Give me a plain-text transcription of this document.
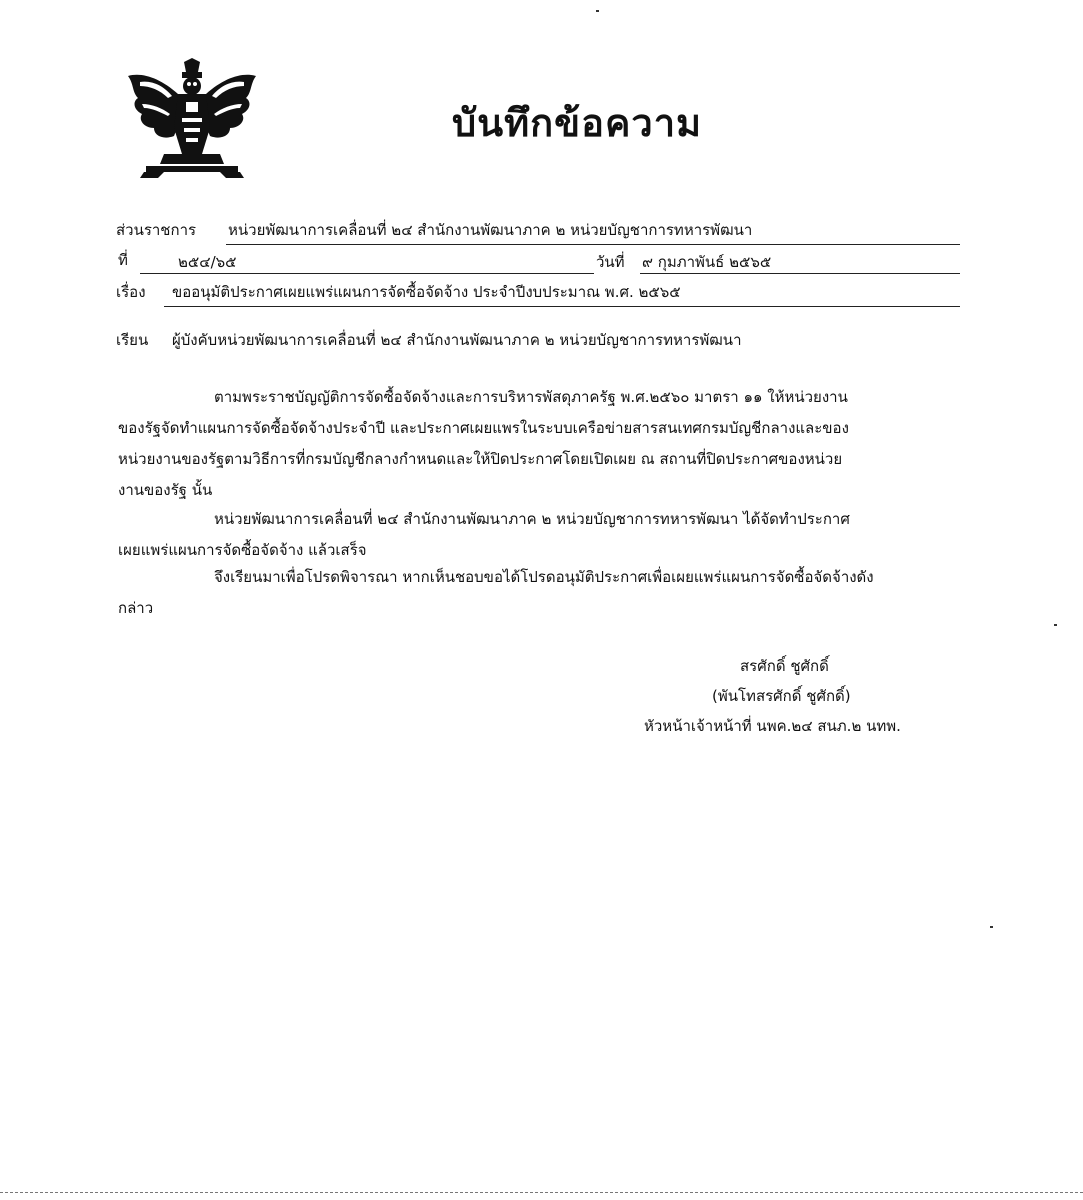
บันทึกข้อความ
ส่วนราชการ หน่วยพัฒนาการเคลื่อนที่ ๒๔ สำนักงานพัฒนาภาค ๒ หน่วยบัญชาการทหารพัฒนา
ที่	๒๕๔/๖๕	วันที่ ๙ กุมภาพันธ์ ๒๕๖๕
เรื่อง ขออนุมัติประกาศเผยแพร่แผนการจัดซื้อจัดจ้าง ประจำปีงบประมาณ พ.ศ. ๒๕๖๕
เรียน ผู้บังคับหน่วยพัฒนาการเคลื่อนที่ ๒๔ สำนักงานพัฒนาภาค ๒ หน่วยบัญชาการทหารพัฒนา
ตามพระราชบัญญัติการจัดซื้อจัดจ้างและการบริหารพัสดุภาครัฐ พ.ศ.๒๕๖๐ มาตรา ๑๑ ให้หน่วยงาน
ของรัฐจัดทำแผนการจัดซื้อจัดจ้างประจำปี และประกาศเผยแพรในระบบเครือข่ายสารสนเทศกรมบัญชีกลางและของ
หน่วยงานของรัฐตามวิธีการที่กรมบัญชีกลางกำหนดและให้ปิดประกาศโดยเปิดเผย ณ สถานที่ปิดประกาศของหน่วย
งานของรัฐ นั้น
หน่วยพัฒนาการเคลื่อนที่ ๒๔ สำนักงานพัฒนาภาค ๒ หน่วยบัญชาการทหารพัฒนา ได้จัดทำประกาศ
เผยแพร่แผนการจัดซื้อจัดจ้าง แล้วเสร็จ
จึงเรียนมาเพื่อโปรดพิจารณา หากเห็นชอบขอได้โปรดอนุมัติประกาศเพื่อเผยแพร่แผนการจัดซื้อจัดจ้างดัง
กล่าว
สรศักดิ์ ชูศักดิ์
(พันโทสรศักดิ์ ชูศักดิ์)
หัวหน้าเจ้าหน้าที่ นพค.๒๔ สนภ.๒ นทพ.
